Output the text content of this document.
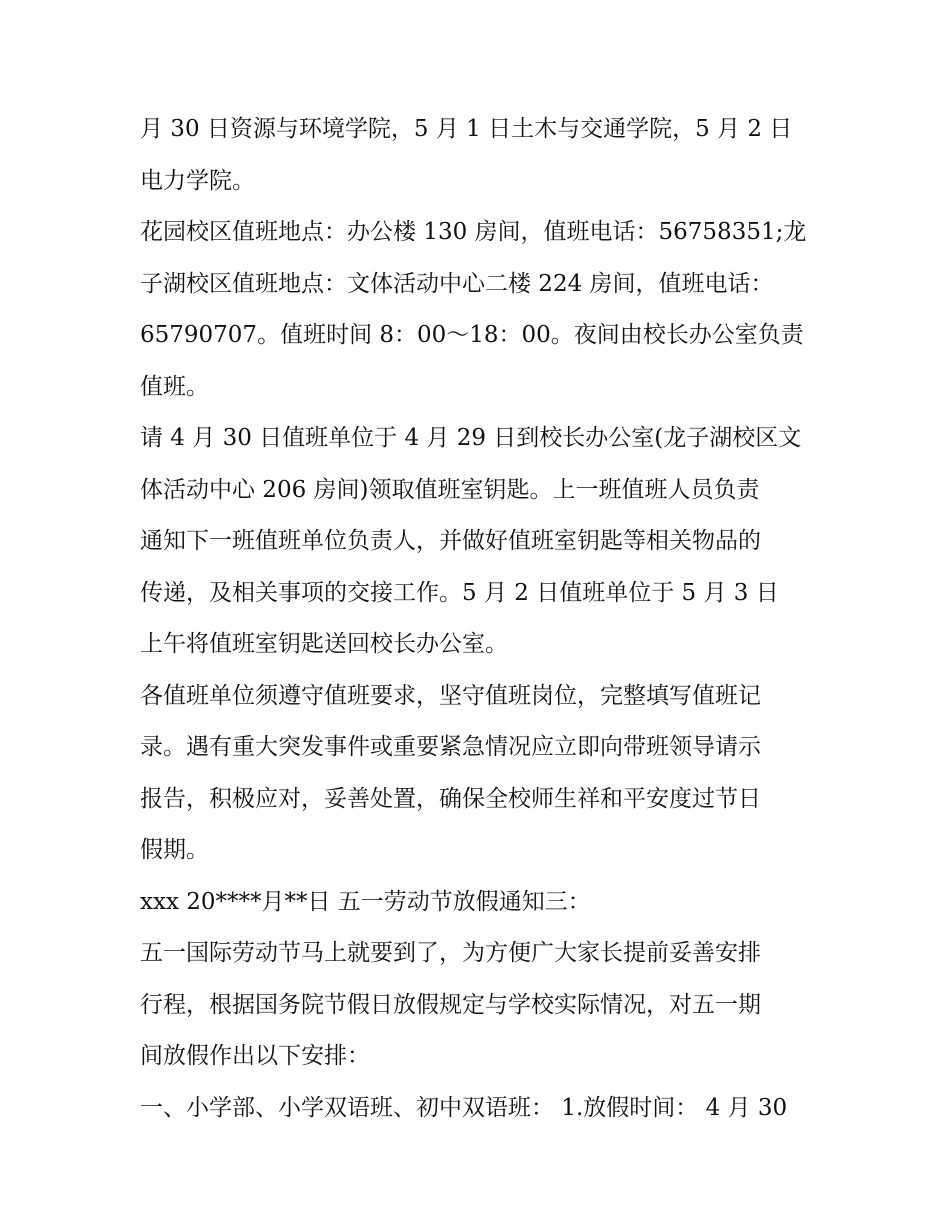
月 30 日资源与环境学院，5 月 1 日土木与交通学院，5 月 2 日
电力学院。
花园校区值班地点：办公楼 130 房间，值班电话：56758351;龙
子湖校区值班地点：文体活动中心二楼 224 房间，值班电话：
65790707。值班时间 8：00～18：00。夜间由校长办公室负责
值班。
请 4 月 30 日值班单位于 4 月 29 日到校长办公室(龙子湖校区文
体活动中心 206 房间)领取值班室钥匙。上一班值班人员负责
通知下一班值班单位负责人，并做好值班室钥匙等相关物品的
传递，及相关事项的交接工作。5 月 2 日值班单位于 5 月 3 日
上午将值班室钥匙送回校长办公室。
各值班单位须遵守值班要求，坚守值班岗位，完整填写值班记
录。遇有重大突发事件或重要紧急情况应立即向带班领导请示
报告，积极应对，妥善处置，确保全校师生祥和平安度过节日
假期。
xxx 20****月**日 五一劳动节放假通知三：
五一国际劳动节马上就要到了，为方便广大家长提前妥善安排
行程，根据国务院节假日放假规定与学校实际情况，对五一期
间放假作出以下安排：
一、小学部、小学双语班、初中双语班： 1.放假时间： 4 月 30
